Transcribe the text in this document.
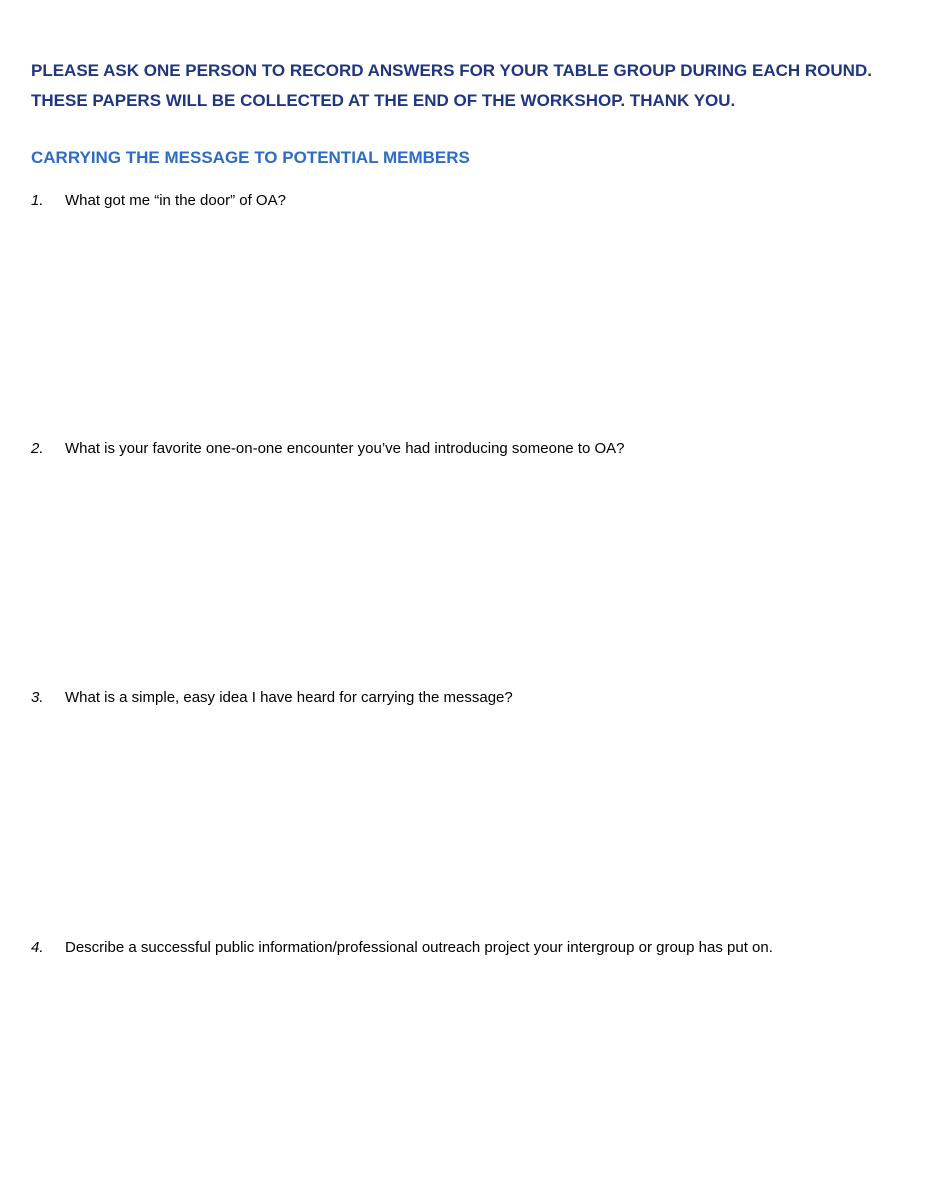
PLEASE ASK ONE PERSON TO RECORD ANSWERS FOR YOUR TABLE GROUP DURING EACH ROUND.
THESE PAPERS WILL BE COLLECTED AT THE END OF THE WORKSHOP. THANK YOU.
CARRYING THE MESSAGE TO POTENTIAL MEMBERS
1. What got me “in the door” of OA?
2. What is your favorite one-on-one encounter you’ve had introducing someone to OA?
3. What is a simple, easy idea I have heard for carrying the message?
4. Describe a successful public information/professional outreach project your intergroup or group has put on.
